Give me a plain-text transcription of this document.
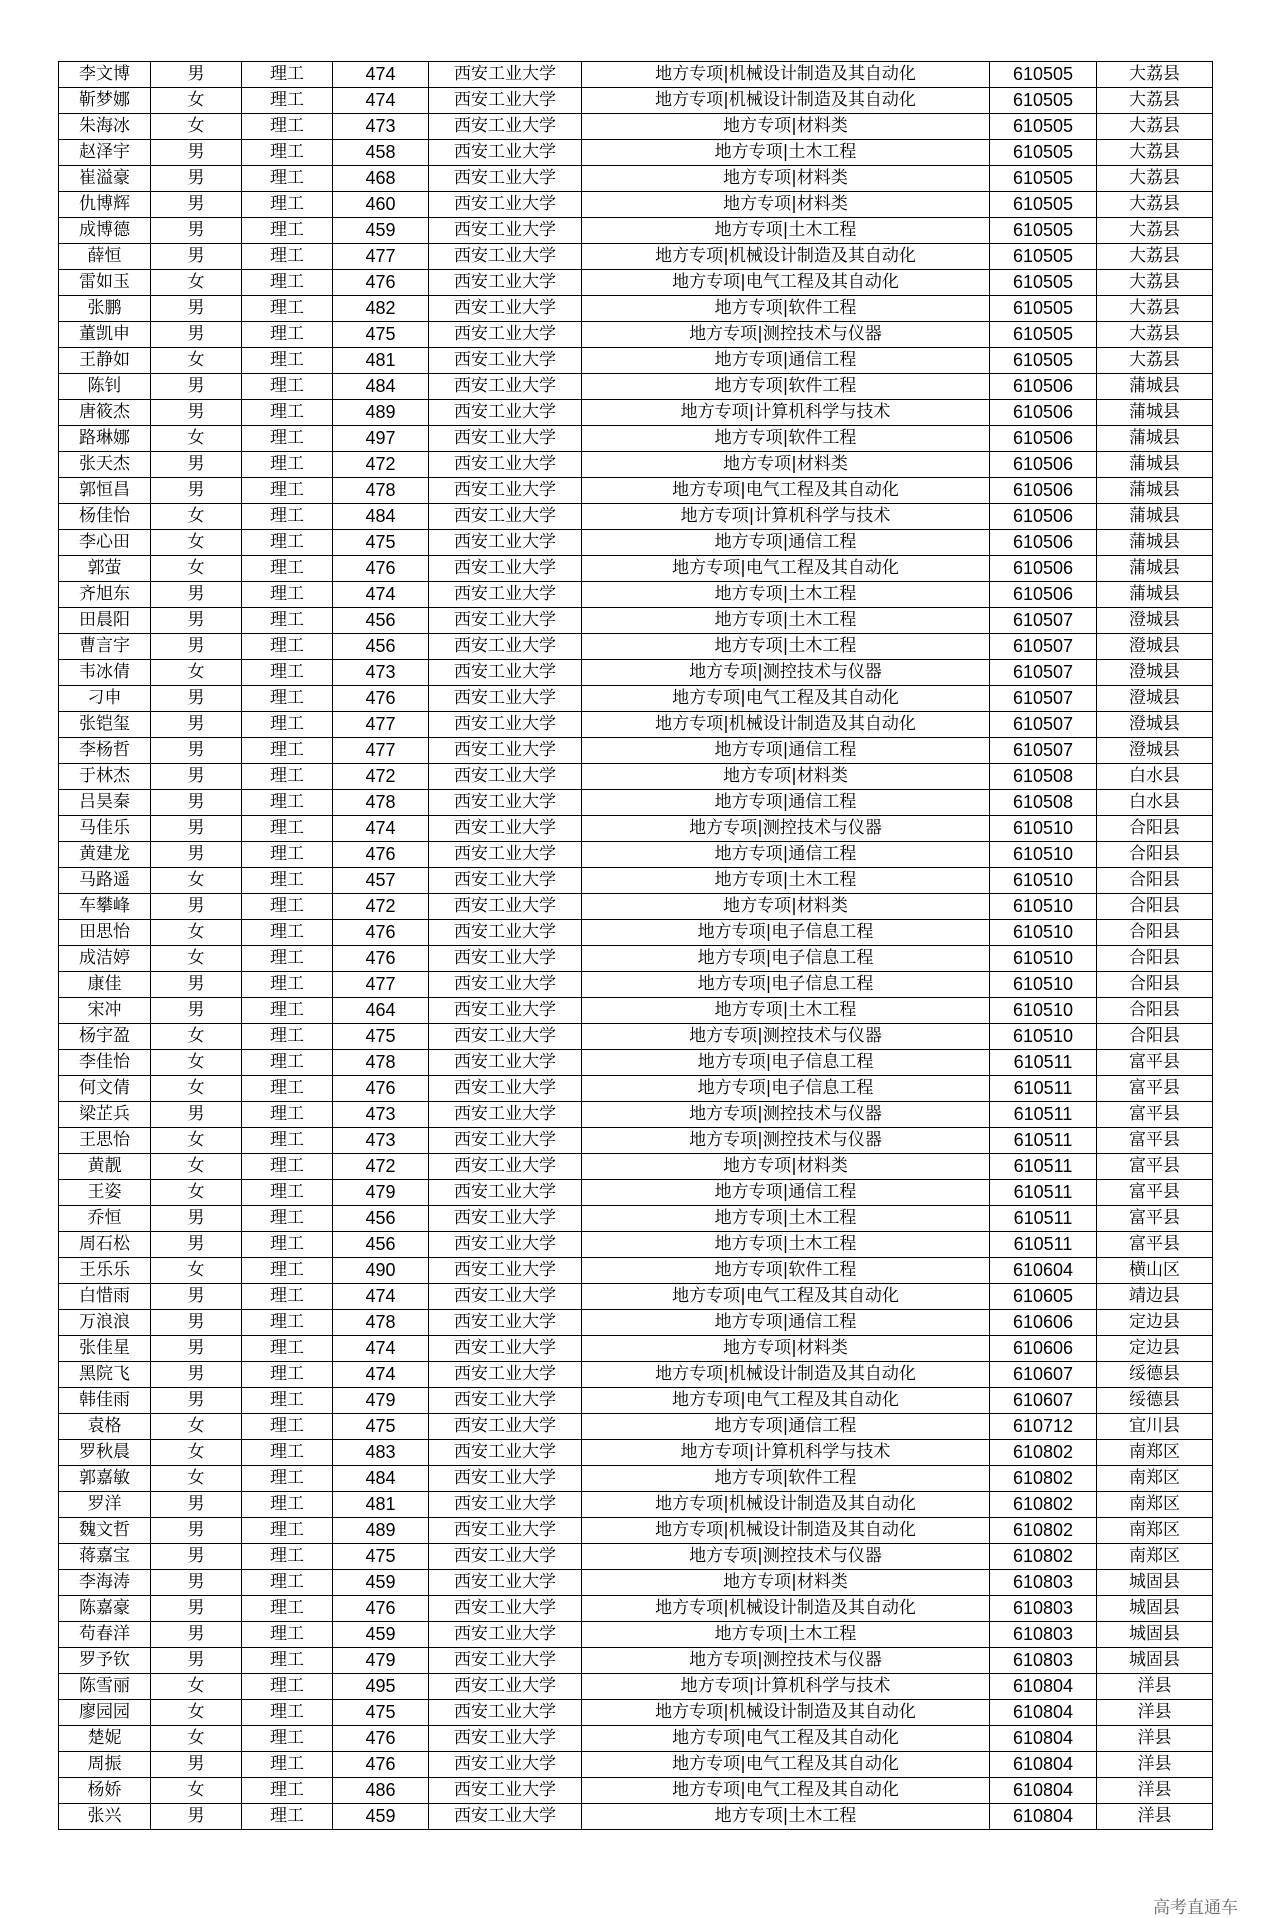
李文博	男	理工	474	西安工业大学	地方专项|机械设计制造及其自动化	610505	大荔县
靳梦娜	女	理工	474	西安工业大学	地方专项|机械设计制造及其自动化	610505	大荔县
朱海冰	女	理工	473	西安工业大学	地方专项|材料类	610505	大荔县
赵泽宇	男	理工	458	西安工业大学	地方专项|土木工程	610505	大荔县
崔溢豪	男	理工	468	西安工业大学	地方专项|材料类	610505	大荔县
仇博辉	男	理工	460	西安工业大学	地方专项|材料类	610505	大荔县
成博德	男	理工	459	西安工业大学	地方专项|土木工程	610505	大荔县
薛恒	男	理工	477	西安工业大学	地方专项|机械设计制造及其自动化	610505	大荔县
雷如玉	女	理工	476	西安工业大学	地方专项|电气工程及其自动化	610505	大荔县
张鹏	男	理工	482	西安工业大学	地方专项|软件工程	610505	大荔县
董凯申	男	理工	475	西安工业大学	地方专项|测控技术与仪器	610505	大荔县
王静如	女	理工	481	西安工业大学	地方专项|通信工程	610505	大荔县
陈钊	男	理工	484	西安工业大学	地方专项|软件工程	610506	蒲城县
唐筱杰	男	理工	489	西安工业大学	地方专项|计算机科学与技术	610506	蒲城县
路琳娜	女	理工	497	西安工业大学	地方专项|软件工程	610506	蒲城县
张天杰	男	理工	472	西安工业大学	地方专项|材料类	610506	蒲城县
郭恒昌	男	理工	478	西安工业大学	地方专项|电气工程及其自动化	610506	蒲城县
杨佳怡	女	理工	484	西安工业大学	地方专项|计算机科学与技术	610506	蒲城县
李心田	女	理工	475	西安工业大学	地方专项|通信工程	610506	蒲城县
郭萤	女	理工	476	西安工业大学	地方专项|电气工程及其自动化	610506	蒲城县
齐旭东	男	理工	474	西安工业大学	地方专项|土木工程	610506	蒲城县
田晨阳	男	理工	456	西安工业大学	地方专项|土木工程	610507	澄城县
曹言宇	男	理工	456	西安工业大学	地方专项|土木工程	610507	澄城县
韦冰倩	女	理工	473	西安工业大学	地方专项|测控技术与仪器	610507	澄城县
刁申	男	理工	476	西安工业大学	地方专项|电气工程及其自动化	610507	澄城县
张铠玺	男	理工	477	西安工业大学	地方专项|机械设计制造及其自动化	610507	澄城县
李杨哲	男	理工	477	西安工业大学	地方专项|通信工程	610507	澄城县
于林杰	男	理工	472	西安工业大学	地方专项|材料类	610508	白水县
吕昊秦	男	理工	478	西安工业大学	地方专项|通信工程	610508	白水县
马佳乐	男	理工	474	西安工业大学	地方专项|测控技术与仪器	610510	合阳县
黄建龙	男	理工	476	西安工业大学	地方专项|通信工程	610510	合阳县
马路遥	女	理工	457	西安工业大学	地方专项|土木工程	610510	合阳县
车攀峰	男	理工	472	西安工业大学	地方专项|材料类	610510	合阳县
田思怡	女	理工	476	西安工业大学	地方专项|电子信息工程	610510	合阳县
成洁婷	女	理工	476	西安工业大学	地方专项|电子信息工程	610510	合阳县
康佳	男	理工	477	西安工业大学	地方专项|电子信息工程	610510	合阳县
宋冲	男	理工	464	西安工业大学	地方专项|土木工程	610510	合阳县
杨宇盈	女	理工	475	西安工业大学	地方专项|测控技术与仪器	610510	合阳县
李佳怡	女	理工	478	西安工业大学	地方专项|电子信息工程	610511	富平县
何文倩	女	理工	476	西安工业大学	地方专项|电子信息工程	610511	富平县
梁芷兵	男	理工	473	西安工业大学	地方专项|测控技术与仪器	610511	富平县
王思怡	女	理工	473	西安工业大学	地方专项|测控技术与仪器	610511	富平县
黄靓	女	理工	472	西安工业大学	地方专项|材料类	610511	富平县
王姿	女	理工	479	西安工业大学	地方专项|通信工程	610511	富平县
乔恒	男	理工	456	西安工业大学	地方专项|土木工程	610511	富平县
周石松	男	理工	456	西安工业大学	地方专项|土木工程	610511	富平县
王乐乐	女	理工	490	西安工业大学	地方专项|软件工程	610604	横山区
白惜雨	男	理工	474	西安工业大学	地方专项|电气工程及其自动化	610605	靖边县
万浪浪	男	理工	478	西安工业大学	地方专项|通信工程	610606	定边县
张佳星	男	理工	474	西安工业大学	地方专项|材料类	610606	定边县
黑院飞	男	理工	474	西安工业大学	地方专项|机械设计制造及其自动化	610607	绥德县
韩佳雨	男	理工	479	西安工业大学	地方专项|电气工程及其自动化	610607	绥德县
袁格	女	理工	475	西安工业大学	地方专项|通信工程	610712	宜川县
罗秋晨	女	理工	483	西安工业大学	地方专项|计算机科学与技术	610802	南郑区
郭嘉敏	女	理工	484	西安工业大学	地方专项|软件工程	610802	南郑区
罗洋	男	理工	481	西安工业大学	地方专项|机械设计制造及其自动化	610802	南郑区
魏文哲	男	理工	489	西安工业大学	地方专项|机械设计制造及其自动化	610802	南郑区
蒋嘉宝	男	理工	475	西安工业大学	地方专项|测控技术与仪器	610802	南郑区
李海涛	男	理工	459	西安工业大学	地方专项|材料类	610803	城固县
陈嘉豪	男	理工	476	西安工业大学	地方专项|机械设计制造及其自动化	610803	城固县
苟春洋	男	理工	459	西安工业大学	地方专项|土木工程	610803	城固县
罗予钦	男	理工	479	西安工业大学	地方专项|测控技术与仪器	610803	城固县
陈雪丽	女	理工	495	西安工业大学	地方专项|计算机科学与技术	610804	洋县
廖园园	女	理工	475	西安工业大学	地方专项|机械设计制造及其自动化	610804	洋县
楚妮	女	理工	476	西安工业大学	地方专项|电气工程及其自动化	610804	洋县
周振	男	理工	476	西安工业大学	地方专项|电气工程及其自动化	610804	洋县
杨娇	女	理工	486	西安工业大学	地方专项|电气工程及其自动化	610804	洋县
张兴	男	理工	459	西安工业大学	地方专项|土木工程	610804	洋县
高考直通车
